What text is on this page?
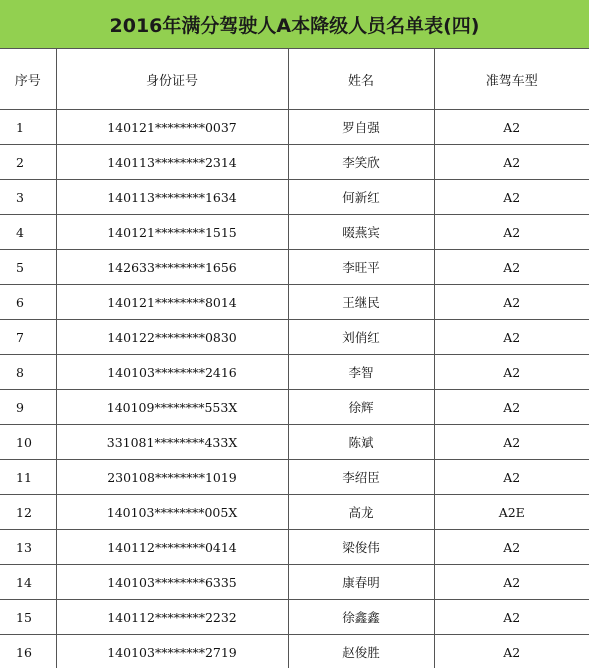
2016年满分驾驶人A本降级人员名单表(四)
序号	身份证号	姓名	准驾车型
1	140121********0037	罗自强	A2
2	140113********2314	李笑欣	A2
3	140113********1634	何新红	A2
4	140121********1515	啜燕宾	A2
5	142633********1656	李旺平	A2
6	140121********8014	王继民	A2
7	140122********0830	刘俏红	A2
8	140103********2416	李智	A2
9	140109********553X	徐辉	A2
10	331081********433X	陈斌	A2
11	230108********1019	李绍臣	A2
12	140103********005X	高龙	A2E
13	140112********0414	梁俊伟	A2
14	140103********6335	康春明	A2
15	140112********2232	徐鑫鑫	A2
16	140103********2719	赵俊胜	A2
